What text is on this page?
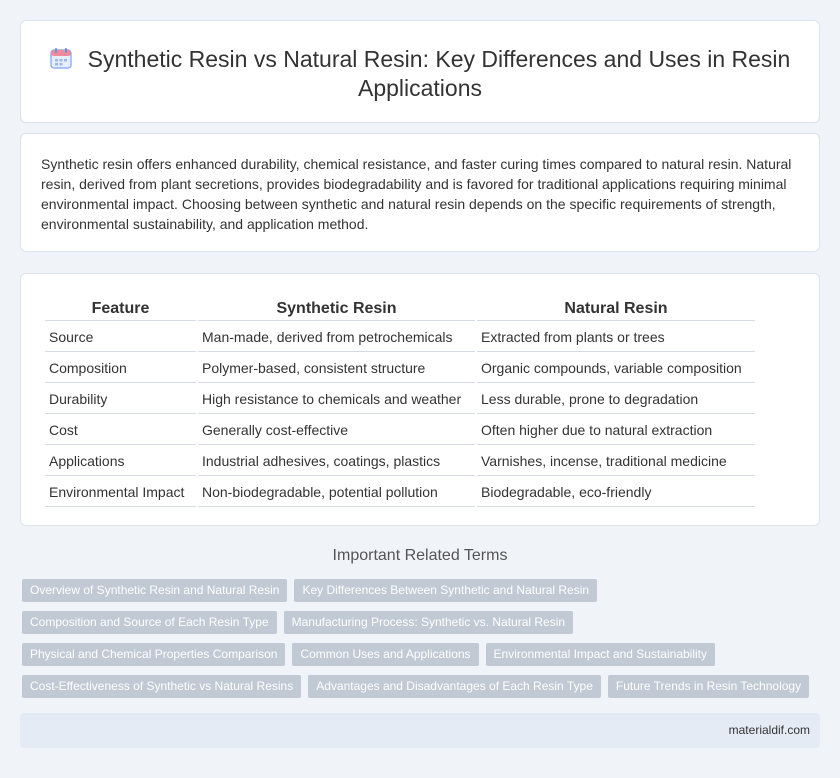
Synthetic Resin vs Natural Resin: Key Differences and Uses in Resin Applications

Synthetic resin offers enhanced durability, chemical resistance, and faster curing times compared to natural resin. Natural resin, derived from plant secretions, provides biodegradability and is favored for traditional applications requiring minimal environmental impact. Choosing between synthetic and natural resin depends on the specific requirements of strength, environmental sustainability, and application method.

Feature	Synthetic Resin	Natural Resin
Source	Man-made, derived from petrochemicals	Extracted from plants or trees
Composition	Polymer-based, consistent structure	Organic compounds, variable composition
Durability	High resistance to chemicals and weather	Less durable, prone to degradation
Cost	Generally cost-effective	Often higher due to natural extraction
Applications	Industrial adhesives, coatings, plastics	Varnishes, incense, traditional medicine
Environmental Impact	Non-biodegradable, potential pollution	Biodegradable, eco-friendly
Important Related Terms
Overview of Synthetic Resin and Natural Resin	Key Differences Between Synthetic and Natural Resin
Composition and Source of Each Resin Type	Manufacturing Process: Synthetic vs. Natural Resin
Physical and Chemical Properties Comparison	Common Uses and Applications	Environmental Impact and Sustainability
Cost-Effectiveness of Synthetic vs Natural Resins	Advantages and Disadvantages of Each Resin Type	Future Trends in Resin Technology
materialdif.com
